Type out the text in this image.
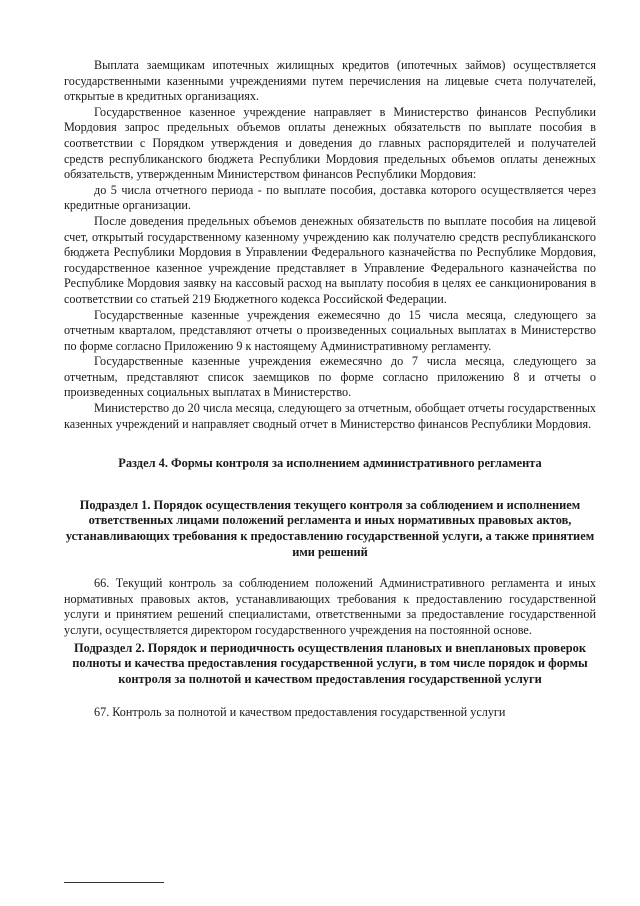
Выплата заемщикам ипотечных жилищных кредитов (ипотечных займов) осуществляется государственными казенными учреждениями путем перечисления на лицевые счета получателей, открытые в кредитных организациях.

Государственное казенное учреждение направляет в Министерство финансов Республики Мордовия запрос предельных объемов оплаты денежных обязательств по выплате пособия в соответствии с Порядком утверждения и доведения до главных распорядителей и получателей средств республиканского бюджета Республики Мордовия предельных объемов оплаты денежных обязательств, утвержденным Министерством финансов Республики Мордовия:

до 5 числа отчетного периода - по выплате пособия, доставка которого осуществляется через кредитные организации.

После доведения предельных объемов денежных обязательств по выплате пособия на лицевой счет, открытый государственному казенному учреждению как получателю средств республиканского бюджета Республики Мордовия в Управлении Федерального казначейства по Республике Мордовия, государственное казенное учреждение представляет в Управление Федерального казначейства по Республике Мордовия заявку на кассовый расход на выплату пособия в целях ее санкционирования в соответствии со статьей 219 Бюджетного кодекса Российской Федерации.

Государственные казенные учреждения ежемесячно до 15 числа месяца, следующего за отчетным кварталом, представляют отчеты о произведенных социальных выплатах в Министерство по форме согласно Приложению 9 к настоящему Административному регламенту.

Государственные казенные учреждения ежемесячно до 7 числа месяца, следующего за отчетным, представляют список заемщиков по форме согласно приложению 8 и отчеты о произведенных социальных выплатах в Министерство.

Министерство до 20 числа месяца, следующего за отчетным, обобщает отчеты государственных казенных учреждений и направляет сводный отчет в Министерство финансов Республики Мордовия.

Раздел 4. Формы контроля за исполнением административного регламента

Подраздел 1. Порядок осуществления текущего контроля за соблюдением и исполнением ответственных лицами положений регламента и иных нормативных правовых актов, устанавливающих требования к предоставлению государственной услуги, а также принятием ими решений

66. Текущий контроль за соблюдением положений Административного регламента и иных нормативных правовых актов, устанавливающих требования к предоставлению государственной услуги и принятием решений специалистами, ответственными за предоставление государственной услуги, осуществляется директором государственного учреждения на постоянной основе.

Подраздел 2. Порядок и периодичность осуществления плановых и внеплановых проверок полноты и качества предоставления государственной услуги, в том числе порядок и формы контроля за полнотой и качеством предоставления государственной услуги

67. Контроль за полнотой и качеством предоставления государственной услуги
